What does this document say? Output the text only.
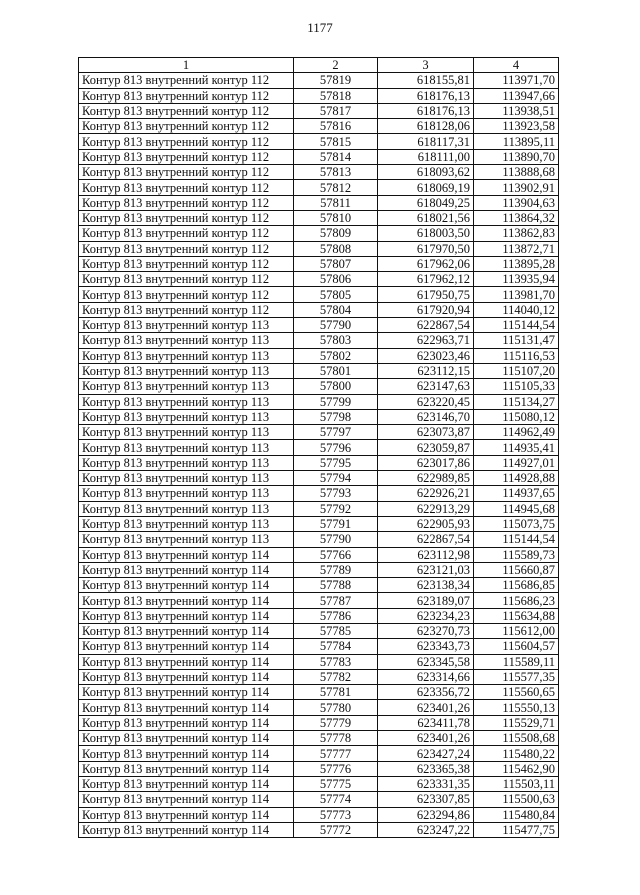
1177
1	2	3	4
Контур 813 внутренний контур 112	57819	618155,81	113971,70
Контур 813 внутренний контур 112	57818	618176,13	113947,66
Контур 813 внутренний контур 112	57817	618176,13	113938,51
Контур 813 внутренний контур 112	57816	618128,06	113923,58
Контур 813 внутренний контур 112	57815	618117,31	113895,11
Контур 813 внутренний контур 112	57814	618111,00	113890,70
Контур 813 внутренний контур 112	57813	618093,62	113888,68
Контур 813 внутренний контур 112	57812	618069,19	113902,91
Контур 813 внутренний контур 112	57811	618049,25	113904,63
Контур 813 внутренний контур 112	57810	618021,56	113864,32
Контур 813 внутренний контур 112	57809	618003,50	113862,83
Контур 813 внутренний контур 112	57808	617970,50	113872,71
Контур 813 внутренний контур 112	57807	617962,06	113895,28
Контур 813 внутренний контур 112	57806	617962,12	113935,94
Контур 813 внутренний контур 112	57805	617950,75	113981,70
Контур 813 внутренний контур 112	57804	617920,94	114040,12
Контур 813 внутренний контур 113	57790	622867,54	115144,54
Контур 813 внутренний контур 113	57803	622963,71	115131,47
Контур 813 внутренний контур 113	57802	623023,46	115116,53
Контур 813 внутренний контур 113	57801	623112,15	115107,20
Контур 813 внутренний контур 113	57800	623147,63	115105,33
Контур 813 внутренний контур 113	57799	623220,45	115134,27
Контур 813 внутренний контур 113	57798	623146,70	115080,12
Контур 813 внутренний контур 113	57797	623073,87	114962,49
Контур 813 внутренний контур 113	57796	623059,87	114935,41
Контур 813 внутренний контур 113	57795	623017,86	114927,01
Контур 813 внутренний контур 113	57794	622989,85	114928,88
Контур 813 внутренний контур 113	57793	622926,21	114937,65
Контур 813 внутренний контур 113	57792	622913,29	114945,68
Контур 813 внутренний контур 113	57791	622905,93	115073,75
Контур 813 внутренний контур 113	57790	622867,54	115144,54
Контур 813 внутренний контур 114	57766	623112,98	115589,73
Контур 813 внутренний контур 114	57789	623121,03	115660,87
Контур 813 внутренний контур 114	57788	623138,34	115686,85
Контур 813 внутренний контур 114	57787	623189,07	115686,23
Контур 813 внутренний контур 114	57786	623234,23	115634,88
Контур 813 внутренний контур 114	57785	623270,73	115612,00
Контур 813 внутренний контур 114	57784	623343,73	115604,57
Контур 813 внутренний контур 114	57783	623345,58	115589,11
Контур 813 внутренний контур 114	57782	623314,66	115577,35
Контур 813 внутренний контур 114	57781	623356,72	115560,65
Контур 813 внутренний контур 114	57780	623401,26	115550,13
Контур 813 внутренний контур 114	57779	623411,78	115529,71
Контур 813 внутренний контур 114	57778	623401,26	115508,68
Контур 813 внутренний контур 114	57777	623427,24	115480,22
Контур 813 внутренний контур 114	57776	623365,38	115462,90
Контур 813 внутренний контур 114	57775	623331,35	115503,11
Контур 813 внутренний контур 114	57774	623307,85	115500,63
Контур 813 внутренний контур 114	57773	623294,86	115480,84
Контур 813 внутренний контур 114	57772	623247,22	115477,75
